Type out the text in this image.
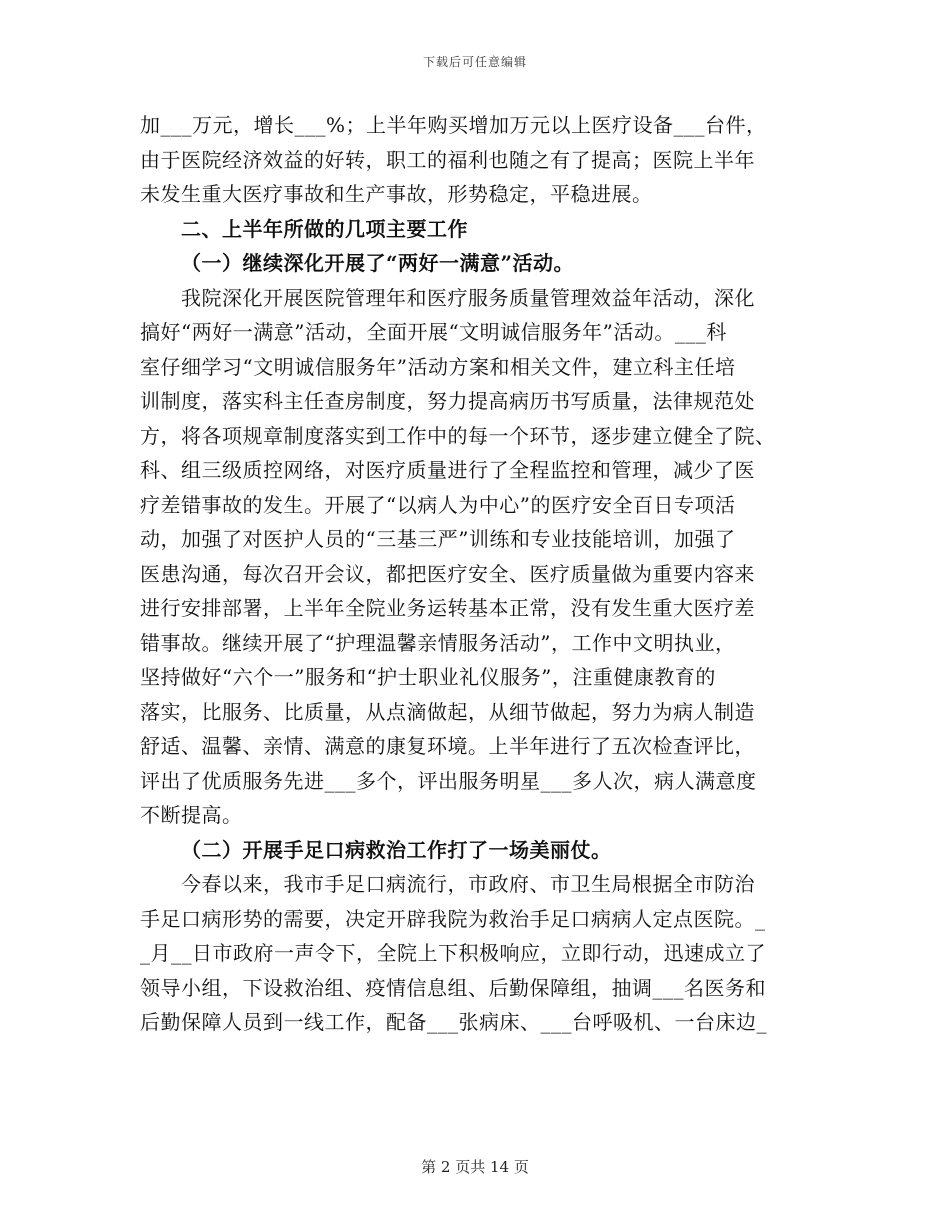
下载后可任意编辑
加___万元，增长___%；上半年购买增加万元以上医疗设备___台件，
由于医院经济效益的好转，职工的福利也随之有了提高；医院上半年
未发生重大医疗事故和生产事故，形势稳定，平稳进展。
二、上半年所做的几项主要工作
（一）继续深化开展了“两好一满意”活动。
我院深化开展医院管理年和医疗服务质量管理效益年活动，深化
搞好“两好一满意”活动，全面开展“文明诚信服务年”活动。___科
室仔细学习“文明诚信服务年”活动方案和相关文件，建立科主任培
训制度，落实科主任查房制度，努力提高病历书写质量，法律规范处
方，将各项规章制度落实到工作中的每一个环节，逐步建立健全了院、
科、组三级质控网络，对医疗质量进行了全程监控和管理，减少了医
疗差错事故的发生。开展了“以病人为中心”的医疗安全百日专项活
动，加强了对医护人员的“三基三严”训练和专业技能培训，加强了
医患沟通，每次召开会议，都把医疗安全、医疗质量做为重要内容来
进行安排部署，上半年全院业务运转基本正常，没有发生重大医疗差
错事故。继续开展了“护理温馨亲情服务活动”，工作中文明执业，
坚持做好“六个一”服务和“护士职业礼仪服务”，注重健康教育的
落实，比服务、比质量，从点滴做起，从细节做起，努力为病人制造
舒适、温馨、亲情、满意的康复环境。上半年进行了五次检查评比，
评出了优质服务先进___多个，评出服务明星___多人次，病人满意度
不断提高。
（二）开展手足口病救治工作打了一场美丽仗。
今春以来，我市手足口病流行，市政府、市卫生局根据全市防治
手足口病形势的需要，决定开辟我院为救治手足口病病人定点医院。_
_月__日市政府一声令下，全院上下积极响应，立即行动，迅速成立了
领导小组，下设救治组、疫情信息组、后勤保障组，抽调___名医务和
后勤保障人员到一线工作，配备___张病床、___台呼吸机、一台床边_
第 2 页共 14 页
